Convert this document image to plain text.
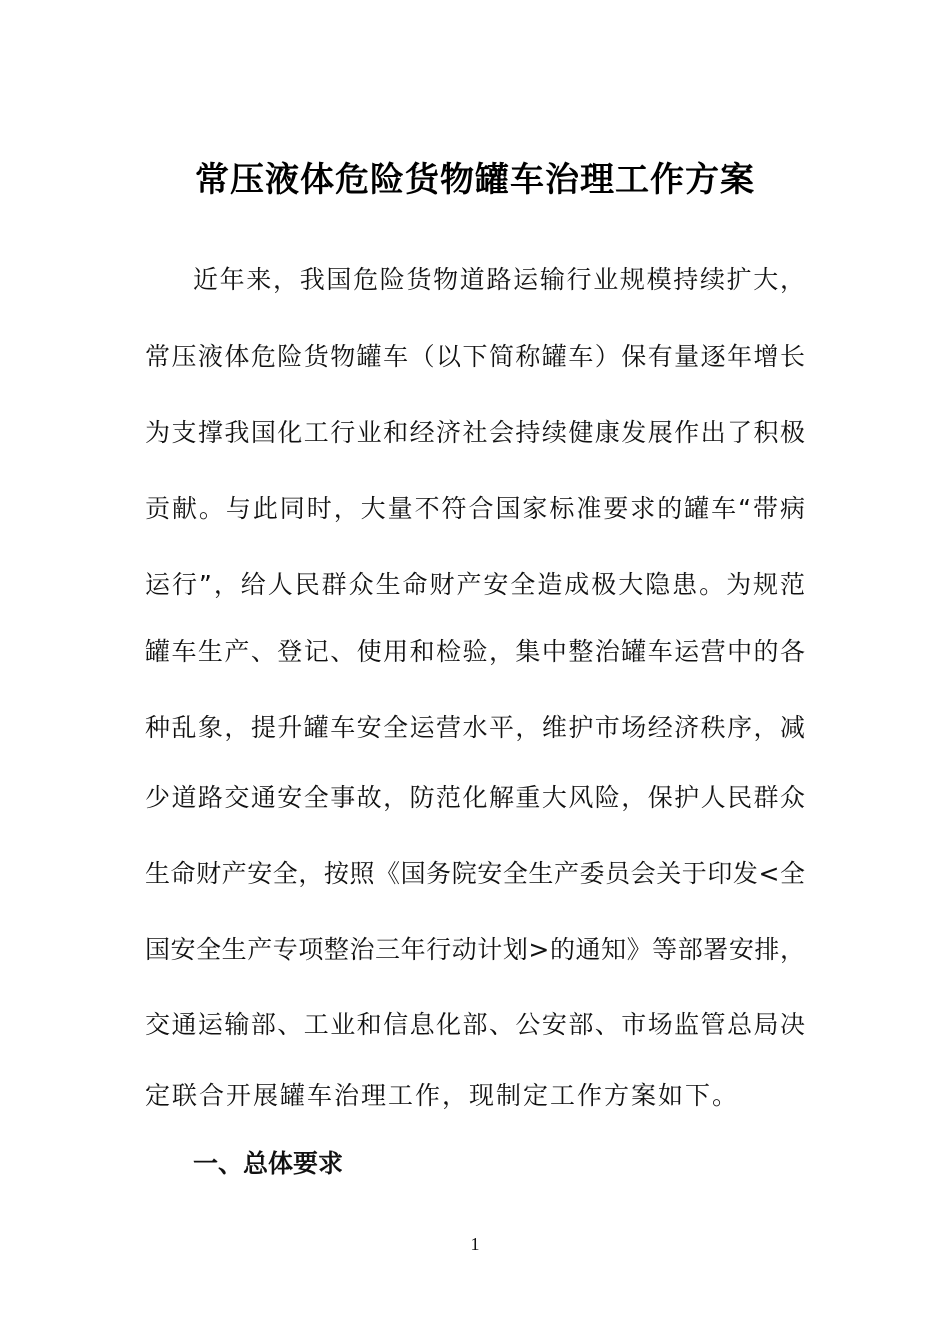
常压液体危险货物罐车治理工作方案
近年来，我国危险货物道路运输行业规模持续扩大，
常压液体危险货物罐车（以下简称罐车）保有量逐年增长
为支撑我国化工行业和经济社会持续健康发展作出了积极
贡献。与此同时，大量不符合国家标准要求的罐车“带病
运行”，给人民群众生命财产安全造成极大隐患。为规范
罐车生产、登记、使用和检验，集中整治罐车运营中的各
种乱象，提升罐车安全运营水平，维护市场经济秩序，减
少道路交通安全事故，防范化解重大风险，保护人民群众
生命财产安全，按照《国务院安全生产委员会关于印发<全
国安全生产专项整治三年行动计划>的通知》等部署安排，
交通运输部、工业和信息化部、公安部、市场监管总局决
定联合开展罐车治理工作，现制定工作方案如下。
一、总体要求
1
